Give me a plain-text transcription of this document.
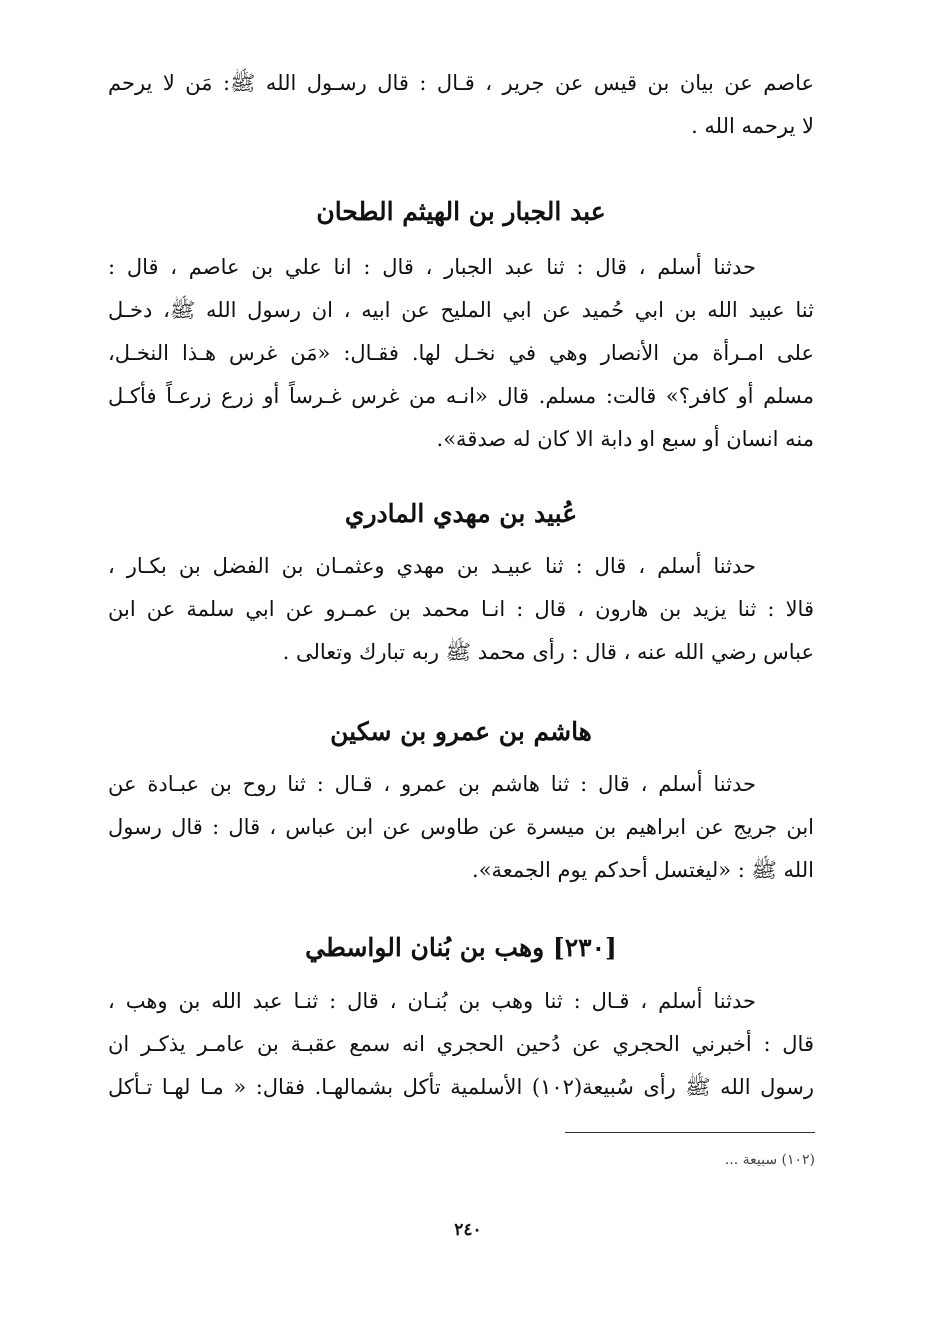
عاصم عن بيان بن قيس عن جرير ، قـال : قال رسـول الله ﷺ: مَن لا يرحم
لا يرحمه الله .
عبد الجبار بن الهيثم الطحان
حدثنا أسلم ، قال : ثنا عبد الجبار ، قال : انا علي بن عاصم ، قال :
ثنا عبيد الله بن ابي حُميد عن ابي المليح عن ابيه ، ان رسول الله ﷺ، دخـل
على امـرأة من الأنصار وهي في نخـل لها. فقـال: «مَن غرس هـذا النخـل،
مسلم أو كافر؟» قالت: مسلم. قال «انـه من غرس غـرساً أو زرع زرعـاً فأكـل
منه انسان أو سبع او دابة الا كان له صدقة».
عُبيد بن مهدي المادري
حدثنا أسلم ، قال : ثنا عبيـد بن مهدي وعثمـان بن الفضل بن بكـار ،
قالا : ثنا يزيد بن هارون ، قال : انـا محمد بن عمـرو عن ابي سلمة عن ابن
عباس رضي الله عنه ، قال : رأى محمد ﷺ ربه تبارك وتعالى .
هاشم بن عمرو بن سكين
حدثنا أسلم ، قال : ثنا هاشم بن عمرو ، قـال : ثنا روح بن عبـادة عن
ابن جريج عن ابراهيم بن ميسرة عن طاوس عن ابن عباس ، قال : قال رسول
الله ﷺ : «ليغتسل أحدكم يوم الجمعة».
[٢٣٠] وهب بن بُنان الواسطي
حدثنا أسلم ، قـال : ثنا وهب بن بُنـان ، قال : ثنـا عبد الله بن وهب ،
قال : أخبرني الحجري عن دُحين الحجري انه سمع عقبـة بن عامـر يذكـر ان
رسول الله ﷺ رأى سُبيعة(١٠٢) الأسلمية تأكل بشمالهـا. فقال: « مـا لهـا تـأكل
(١٠٢) سبيعة ...
٢٤٠
